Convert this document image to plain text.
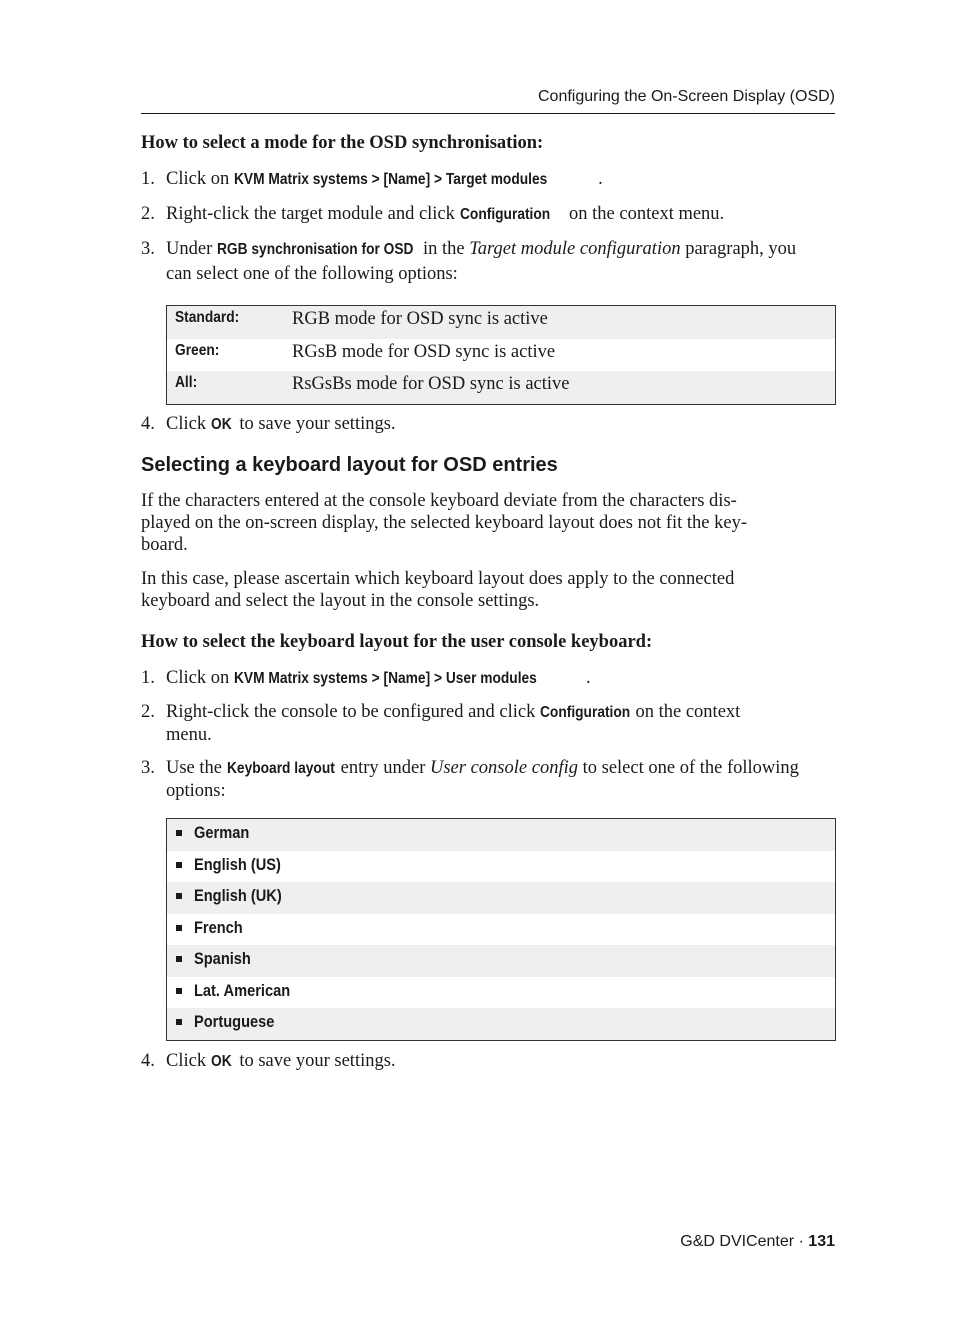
Configuring the On-Screen Display (OSD)
How to select a mode for the OSD synchronisation:
1. Click on KVM Matrix systems > [Name] > Target modules	.
2. Right-click the target module and click Configuration on the context menu.
3. Under RGB synchronisation for OSD in the Target module configuration paragraph, you
can select one of the following options:
Standard:	RGB mode for OSD sync is active
Green:	RGsB mode for OSD sync is active
All:	RsGsBs mode for OSD sync is active
4. Click OK to save your settings.
Selecting a keyboard layout for OSD entries
If the characters entered at the console keyboard deviate from the characters dis-
played on the on-screen display, the selected keyboard layout does not fit the key-
board.
In this case, please ascertain which keyboard layout does apply to the connected
keyboard and select the layout in the console settings.
How to select the keyboard layout for the user console keyboard:
1. Click on KVM Matrix systems > [Name] > User modules	.
2. Right-click the console to be configured and click Configuration on the context
menu.
3. Use the Keyboard layout entry under User console config to select one of the following
options:
German
English (US)
English (UK)
French
Spanish
Lat. American
Portuguese
4. Click OK to save your settings.
G&D DVICenter · 131
